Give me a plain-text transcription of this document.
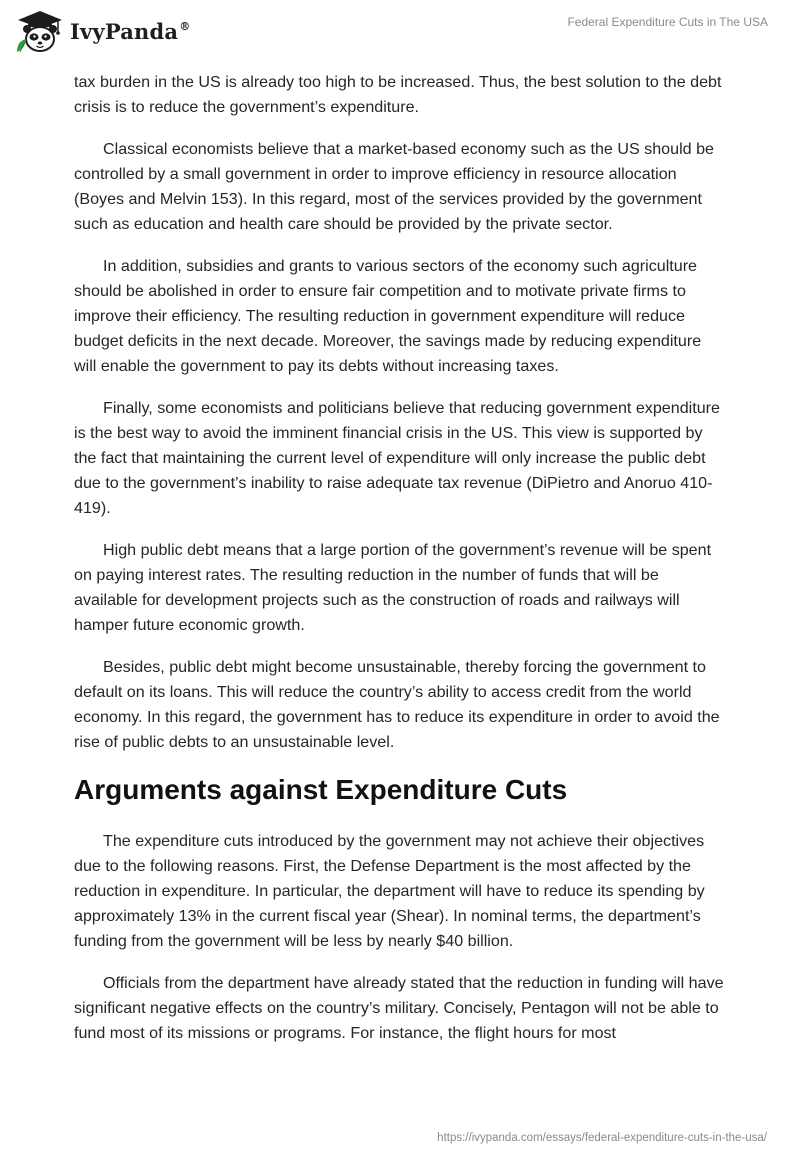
IvyPanda®	Federal Expenditure Cuts in The USA

tax burden in the US is already too high to be increased. Thus, the best solution to the debt crisis is to reduce the government’s expenditure.

Classical economists believe that a market-based economy such as the US should be controlled by a small government in order to improve efficiency in resource allocation (Boyes and Melvin 153). In this regard, most of the services provided by the government such as education and health care should be provided by the private sector.

In addition, subsidies and grants to various sectors of the economy such agriculture should be abolished in order to ensure fair competition and to motivate private firms to improve their efficiency. The resulting reduction in government expenditure will reduce budget deficits in the next decade. Moreover, the savings made by reducing expenditure will enable the government to pay its debts without increasing taxes.

Finally, some economists and politicians believe that reducing government expenditure is the best way to avoid the imminent financial crisis in the US. This view is supported by the fact that maintaining the current level of expenditure will only increase the public debt due to the government’s inability to raise adequate tax revenue (DiPietro and Anoruo 410-419).

High public debt means that a large portion of the government’s revenue will be spent on paying interest rates. The resulting reduction in the number of funds that will be available for development projects such as the construction of roads and railways will hamper future economic growth.

Besides, public debt might become unsustainable, thereby forcing the government to default on its loans. This will reduce the country’s ability to access credit from the world economy. In this regard, the government has to reduce its expenditure in order to avoid the rise of public debts to an unsustainable level.

Arguments against Expenditure Cuts

The expenditure cuts introduced by the government may not achieve their objectives due to the following reasons. First, the Defense Department is the most affected by the reduction in expenditure. In particular, the department will have to reduce its spending by approximately 13% in the current fiscal year (Shear). In nominal terms, the department’s funding from the government will be less by nearly $40 billion.

Officials from the department have already stated that the reduction in funding will have significant negative effects on the country’s military. Concisely, Pentagon will not be able to fund most of its missions or programs. For instance, the flight hours for most

https://ivypanda.com/essays/federal-expenditure-cuts-in-the-usa/
